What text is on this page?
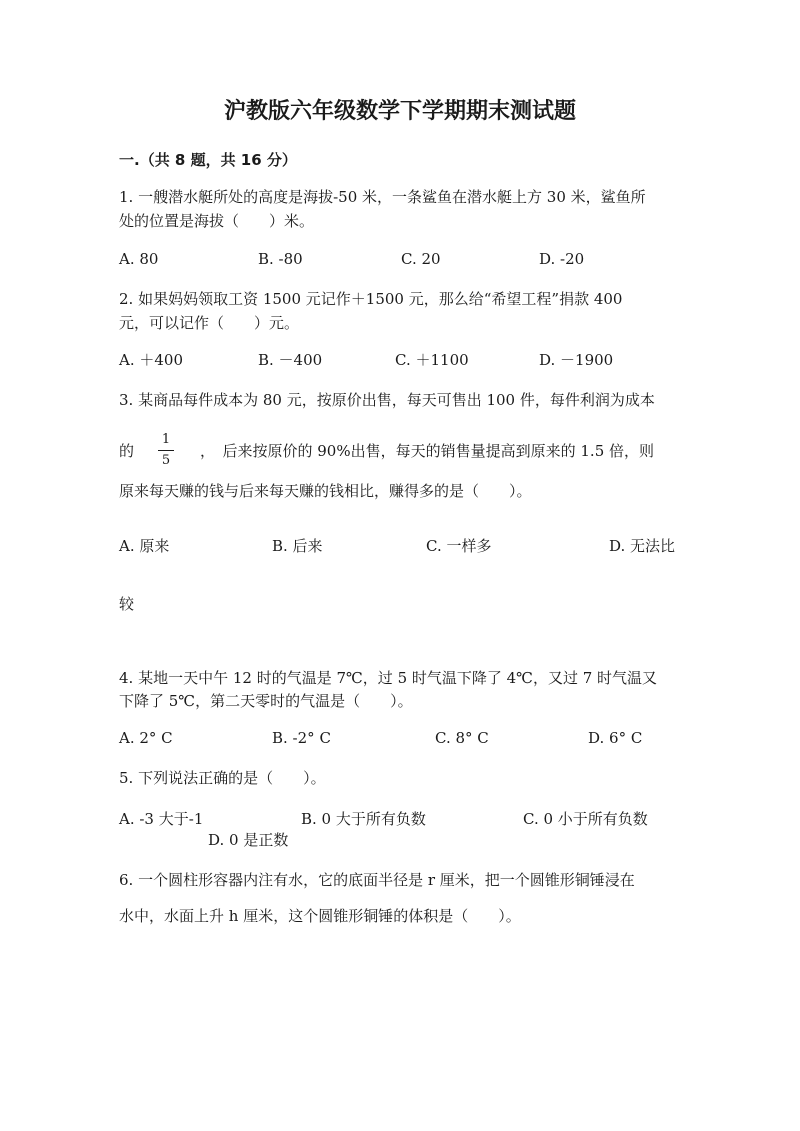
沪教版六年级数学下学期期末测试题
一.（共 8 题，共 16 分）
1. 一艘潜水艇所处的高度是海拔-50 米，一条鲨鱼在潜水艇上方 30 米，鲨鱼所
处的位置是海拔（　　）米。
A. 80	B. -80	C. 20	D. -20
2. 如果妈妈领取工资 1500 元记作＋1500 元，那么给“希望工程”捐款 400
元，可以记作（　　）元。
A. ＋400	B. －400	C. ＋1100	D. －1900
3. 某商品每件成本为 80 元，按原价出售，每天可售出 100 件，每件利润为成本
的
1
5
，　后来按原价的 90%出售，每天的销售量提高到原来的 1.5 倍，则
原来每天赚的钱与后来每天赚的钱相比，赚得多的是（　　）。
A. 原来	B. 后来	C. 一样多	D. 无法比
较
4. 某地一天中午 12 时的气温是 7℃，过 5 时气温下降了 4℃，又过 7 时气温又
下降了 5℃，第二天零时的气温是（　　）。
A. 2° C	B. -2° C	C. 8° C	D. 6° C
5. 下列说法正确的是（　　）。
A. -3 大于-1	B. 0 大于所有负数	C. 0 小于所有负数
D. 0 是正数
6. 一个圆柱形容器内注有水，它的底面半径是 r 厘米，把一个圆锥形铜锤浸在
水中，水面上升 h 厘米，这个圆锥形铜锤的体积是（　　）。
